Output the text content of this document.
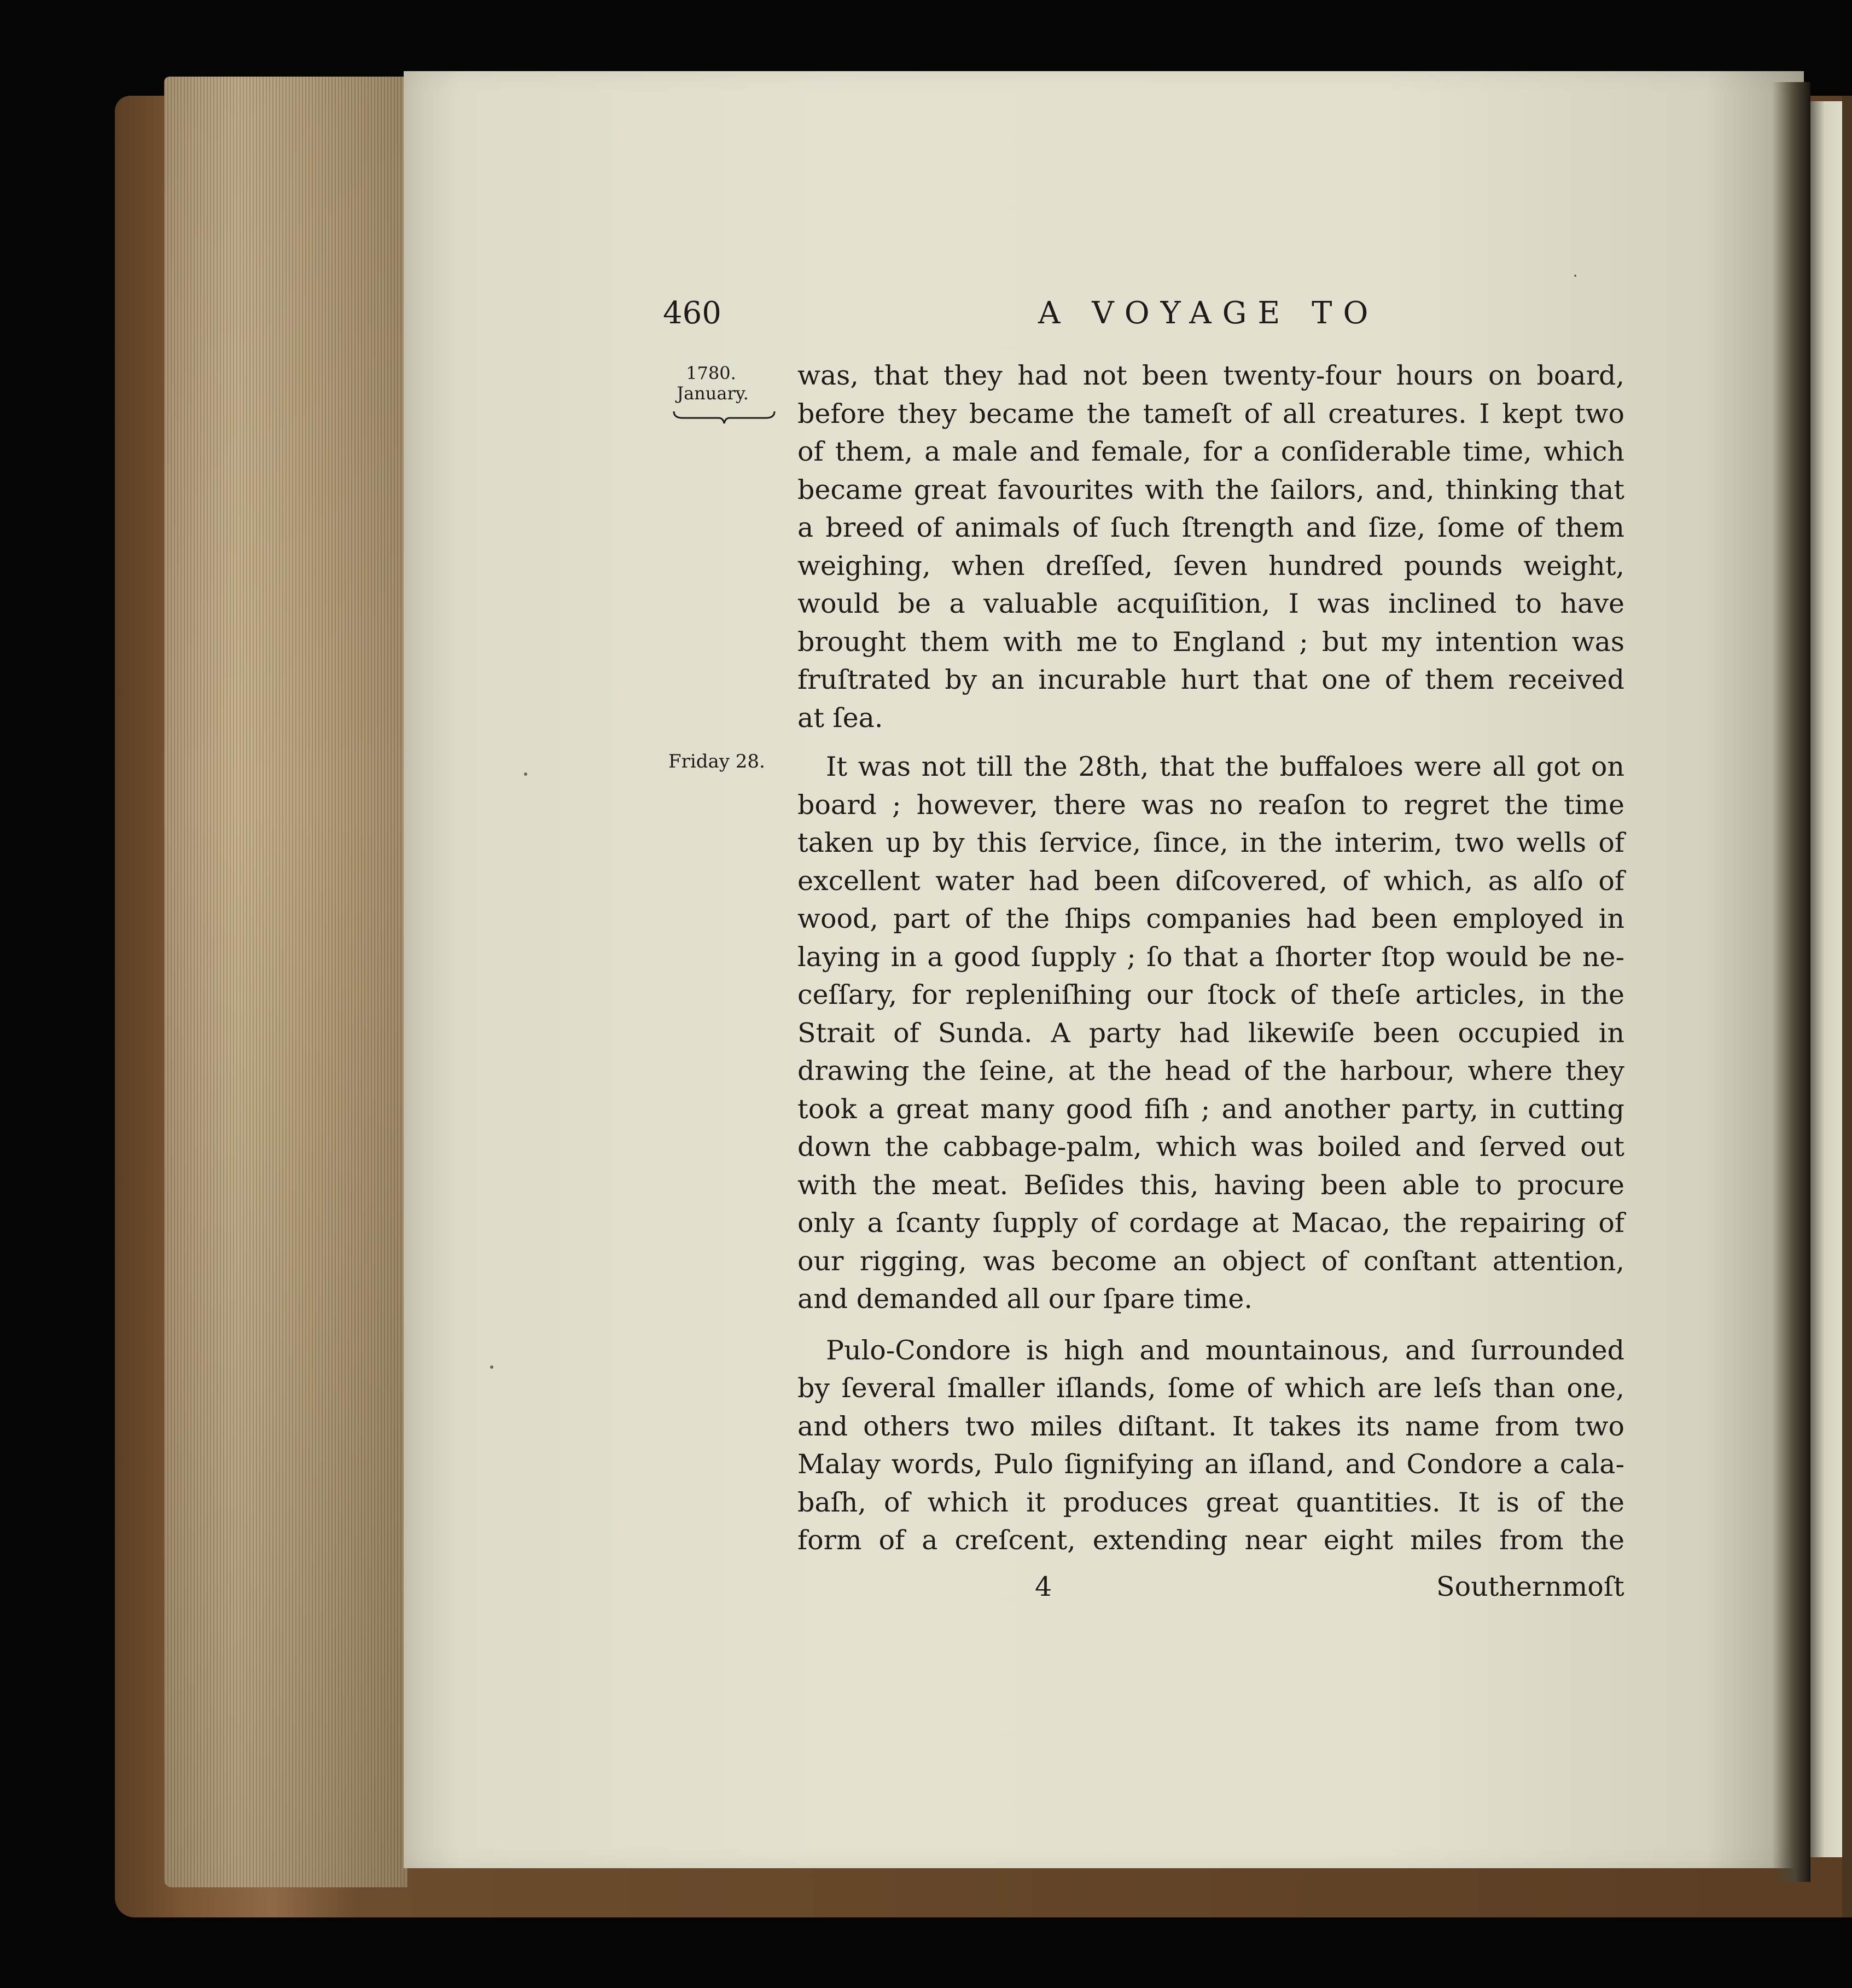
460	A VOYAGE TO
1780.
January.
Friday 28.
was, that they had not been twenty-four hours on board,
before they became the tameſt of all creatures. I kept two
of them, a male and female, for a conſiderable time, which
became great favourites with the ſailors, and, thinking that
a breed of animals of ſuch ſtrength and ſize, ſome of them
weighing, when dreſſed, ſeven hundred pounds weight,
would be a valuable acquiſition, I was inclined to have
brought them with me to England ; but my intention was
fruſtrated by an incurable hurt that one of them received
at ſea.
It was not till the 28th, that the buffaloes were all got on
board ; however, there was no reaſon to regret the time
taken up by this ſervice, ſince, in the interim, two wells of
excellent water had been diſcovered, of which, as alſo of
wood, part of the ſhips companies had been employed in
laying in a good ſupply ; ſo that a ſhorter ſtop would be ne-
ceſſary, for repleniſhing our ſtock of theſe articles, in the
Strait of Sunda. A party had likewiſe been occupied in
drawing the ſeine, at the head of the harbour, where they
took a great many good fiſh ; and another party, in cutting
down the cabbage-palm, which was boiled and ſerved out
with the meat. Beſides this, having been able to procure
only a ſcanty ſupply of cordage at Macao, the repairing of
our rigging, was become an object of conſtant attention,
and demanded all our ſpare time.
Pulo-Condore is high and mountainous, and ſurrounded
by ſeveral ſmaller iſlands, ſome of which are leſs than one,
and others two miles diſtant. It takes its name from two
Malay words, Pulo ſignifying an iſland, and Condore a cala-
baſh, of which it produces great quantities. It is of the
form of a creſcent, extending near eight miles from the
4	Southernmoſt
